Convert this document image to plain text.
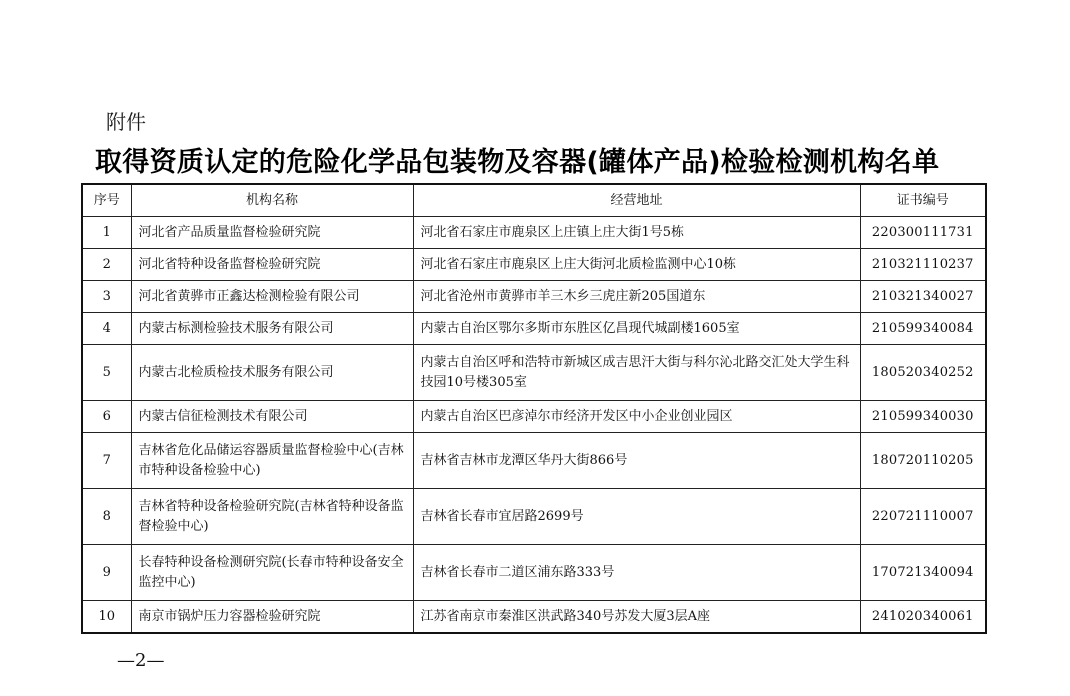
附件
取得资质认定的危险化学品包装物及容器(罐体产品)检验检测机构名单
序号	机构名称	经营地址	证书编号
1	河北省产品质量监督检验研究院	河北省石家庄市鹿泉区上庄镇上庄大街1号5栋	220300111731
2	河北省特种设备监督检验研究院	河北省石家庄市鹿泉区上庄大街河北质检监测中心10栋	210321110237
3	河北省黄骅市正鑫达检测检验有限公司	河北省沧州市黄骅市羊三木乡三虎庄新205国道东	210321340027
4	内蒙古标测检验技术服务有限公司	内蒙古自治区鄂尔多斯市东胜区亿昌现代城副楼1605室	210599340084
5	内蒙古北检质检技术服务有限公司	内蒙古自治区呼和浩特市新城区成吉思汗大街与科尔沁北路交汇处大学生科技园10号楼305室	180520340252
6	内蒙古信征检测技术有限公司	内蒙古自治区巴彦淖尔市经济开发区中小企业创业园区	210599340030
7	吉林省危化品储运容器质量监督检验中心(吉林市特种设备检验中心)	吉林省吉林市龙潭区华丹大街866号	180720110205
8	吉林省特种设备检验研究院(吉林省特种设备监督检验中心)	吉林省长春市宜居路2699号	220721110007
9	长春特种设备检测研究院(长春市特种设备安全监控中心)	吉林省长春市二道区浦东路333号	170721340094
10	南京市锅炉压力容器检验研究院	江苏省南京市秦淮区洪武路340号苏发大厦3层A座	241020340061
—2—
